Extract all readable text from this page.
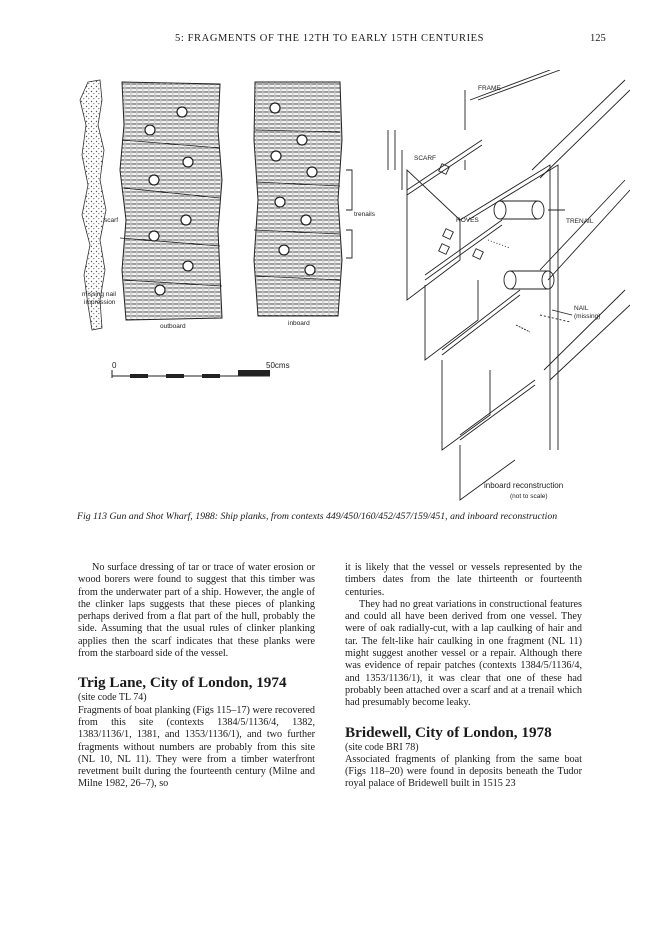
5: FRAGMENTS OF THE 12TH TO EARLY 15TH CENTURIES	125
scarf
missing nail
impression
outboard
trenails
inboard
0	50cms
FRAME
SCARF
ROVES	TRENAIL
NAIL
(missing)
inboard reconstruction
(not to scale)
Fig 113 Gun and Shot Wharf, 1988: Ship planks, from contexts 449/450/160/452/457/159/451, and inboard reconstruction

No surface dressing of tar or trace of water erosion or wood borers were found to suggest that this timber was from the underwater part of a ship. However, the angle of the clinker laps suggests that these pieces of planking perhaps derived from a flat part of the hull, probably the side. Assuming that the usual rules of clinker planking applies then the scarf indicates that these planks were from the starboard side of the vessel.

Trig Lane, City of London, 1974

(site code TL 74)

Fragments of boat planking (Figs 115–17) were recovered from this site (contexts 1384/5/1136/4, 1382, 1383/1136/1, 1381, and 1353/1136/1), and two further fragments without numbers are probably from this site (NL 10, NL 11). They were from a timber waterfront revetment built during the fourteenth century (Milne and Milne 1982, 26–7), so

it is likely that the vessel or vessels represented by the timbers dates from the late thirteenth or fourteenth centuries.

They had no great variations in constructional features and could all have been derived from one vessel. They were of oak radially-cut, with a lap caulking of hair and tar. The felt-like hair caulking in one fragment (NL 11) might suggest another vessel or a repair. Although there was evidence of repair patches (contexts 1384/5/1136/4, and 1353/1136/1), it was clear that one of these had probably been attached over a scarf and at a trenail which had presumably become leaky.

Bridewell, City of London, 1978

(site code BRI 78)

Associated fragments of planking from the same boat (Figs 118–20) were found in deposits beneath the Tudor royal palace of Bridewell built in 1515 23
